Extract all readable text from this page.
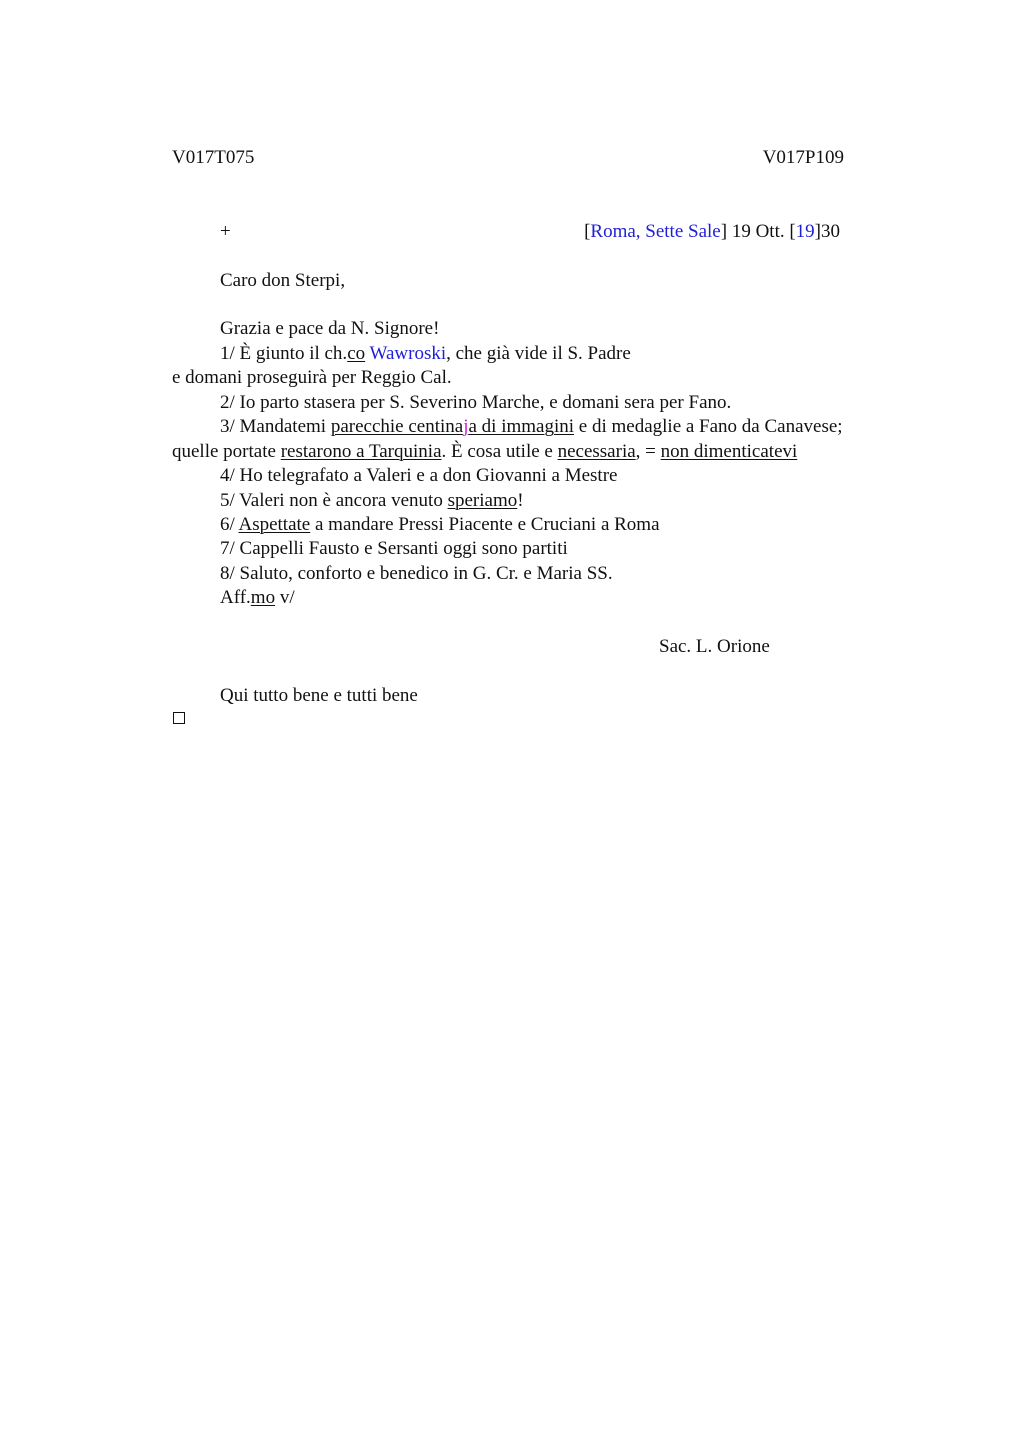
V017T075	V017P109
+	[Roma, Sette Sale] 19 Ott. [19]30
Caro don Sterpi,
Grazia e pace da N. Signore!
1/ È giunto il ch.co Wawroski, che già vide il S. Padre
e domani proseguirà per Reggio Cal.
2/ Io parto stasera per S. Severino Marche, e domani sera per Fano.
3/ Mandatemi parecchie centinaja di immagini e di medaglie a Fano da Canavese;
quelle portate restarono a Tarquinia. È cosa utile e necessaria, = non dimenticatevi
4/ Ho telegrafato a Valeri e a don Giovanni a Mestre
5/ Valeri non è ancora venuto speriamo!
6/ Aspettate a mandare Pressi Piacente e Cruciani a Roma
7/ Cappelli Fausto e Sersanti oggi sono partiti
8/ Saluto, conforto e benedico in G. Cr. e Maria SS.
Aff.mo v/
Sac. L. Orione
Qui tutto bene e tutti bene
